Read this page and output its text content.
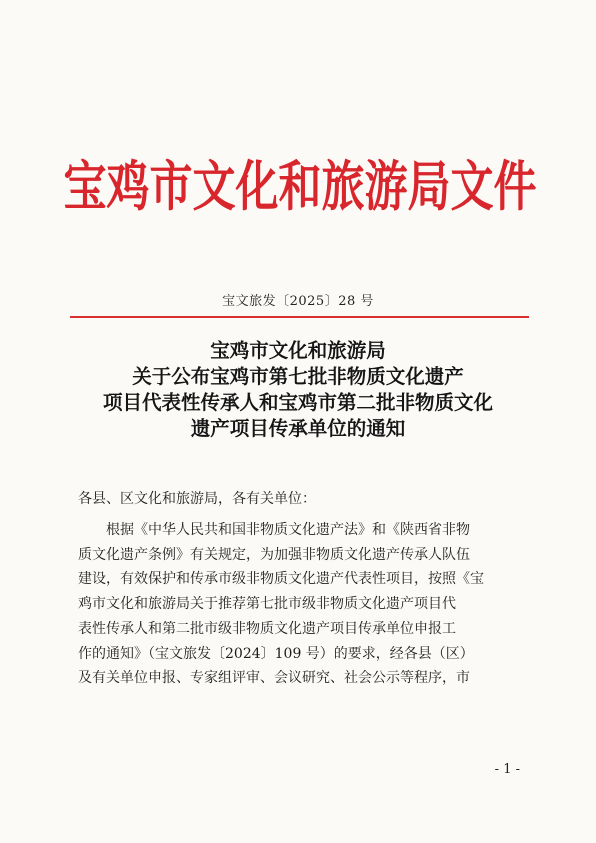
宝鸡市文化和旅游局文件
宝文旅发〔2025〕28 号
宝鸡市文化和旅游局
关于公布宝鸡市第七批非物质文化遗产
项目代表性传承人和宝鸡市第二批非物质文化
遗产项目传承单位的通知
各县、区文化和旅游局，各有关单位：
根据《中华人民共和国非物质文化遗产法》和《陕西省非物
质文化遗产条例》有关规定，为加强非物质文化遗产传承人队伍
建设，有效保护和传承市级非物质文化遗产代表性项目，按照《宝
鸡市文化和旅游局关于推荐第七批市级非物质文化遗产项目代
表性传承人和第二批市级非物质文化遗产项目传承单位申报工
作的通知》（宝文旅发〔2024〕109 号）的要求，经各县（区）
及有关单位申报、专家组评审、会议研究、社会公示等程序，市
- 1 -
